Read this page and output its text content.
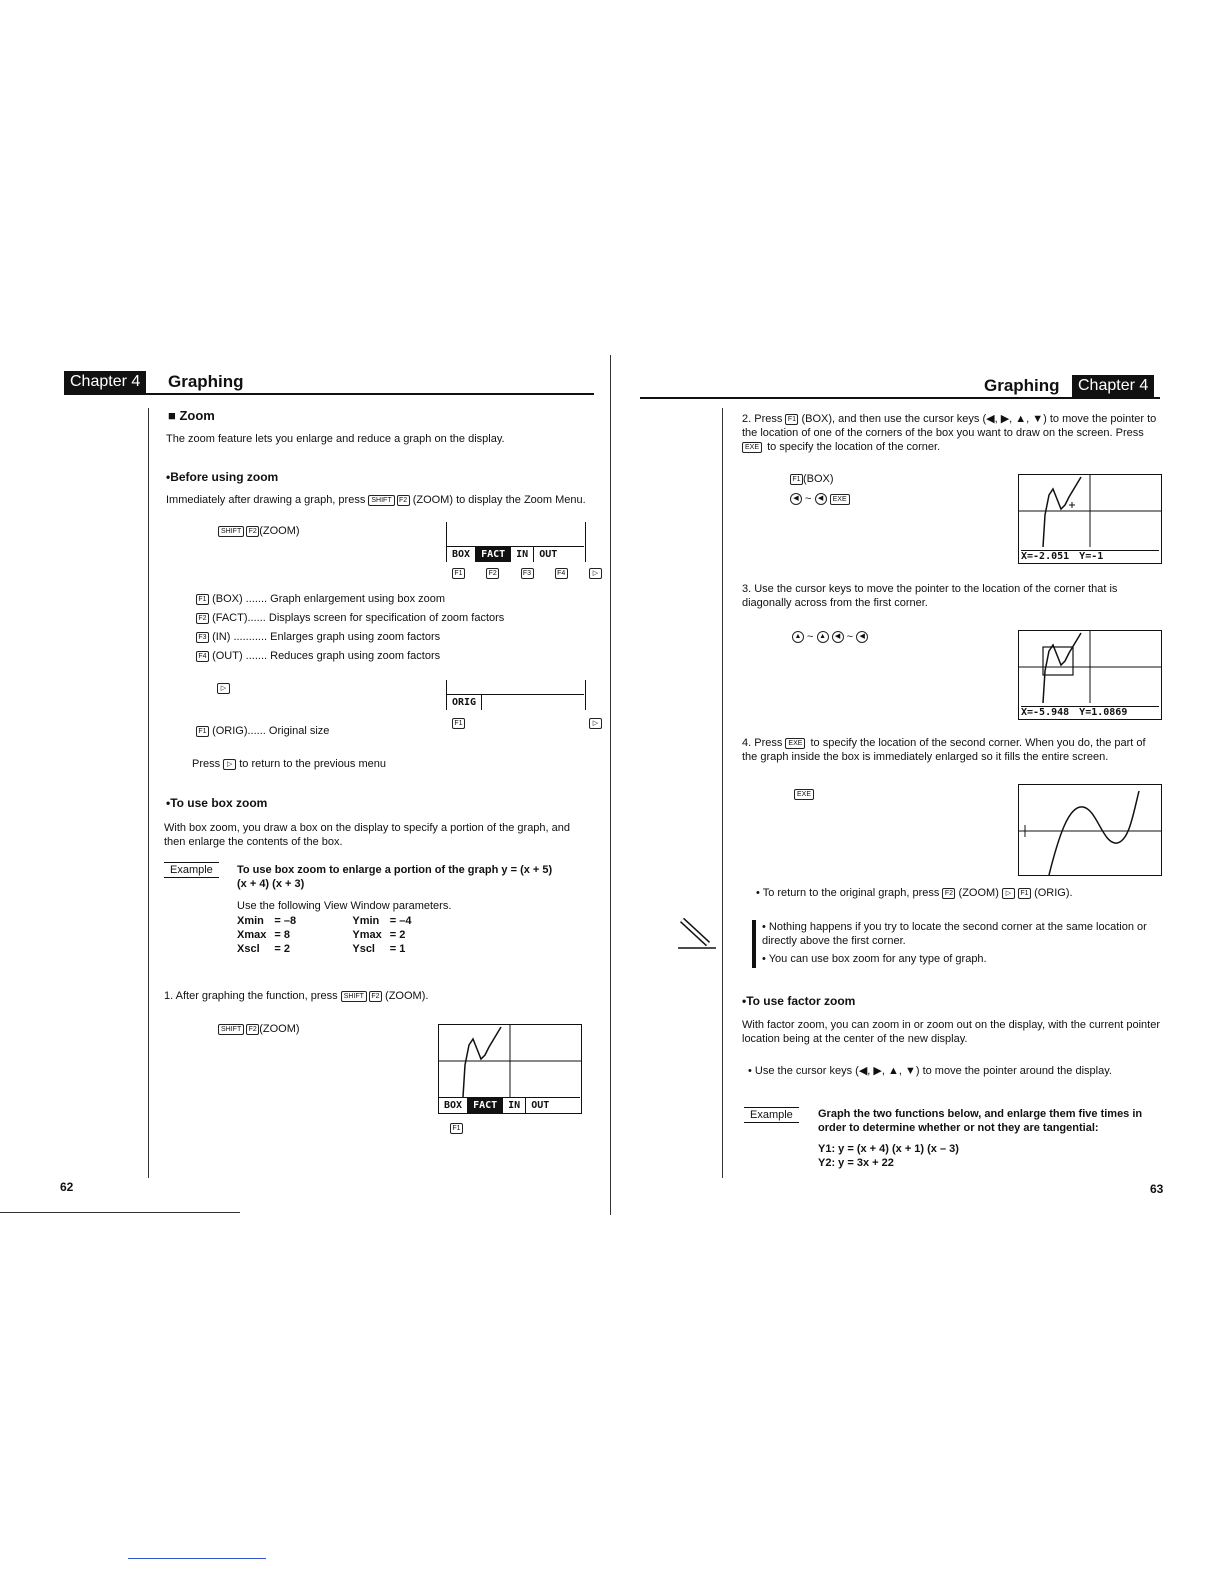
Chapter 4	Graphing
■ Zoom
The zoom feature lets you enlarge and reduce a graph on the display.
•Before using zoom
Immediately after drawing a graph, press SHIFT F2 (ZOOM) to display the Zoom Menu.
SHIFT F2 (ZOOM)
BOX	FACT	IN	OUT
F1	F2	F3	F4	▷
F1 (BOX) ....... Graph enlargement using box zoom
F2 (FACT)...... Displays screen for specification of zoom factors
F3 (IN) ........... Enlarges graph using zoom factors
F4 (OUT) ....... Reduces graph using zoom factors
▷
ORIG
F1	▷
F1 (ORIG)...... Original size
Press ▷ to return to the previous menu
•To use box zoom
With box zoom, you draw a box on the display to specify a portion of the graph, and then enlarge the contents of the box.
Example	To use box zoom to enlarge a portion of the graph y = (x + 5)
(x + 4) (x + 3)
Use the following View Window parameters.
Xmin	= –8	Ymin	= –4
Xmax	= 8	Ymax	= 2
Xscl	= 2	Yscl	= 1
1. After graphing the function, press SHIFT F2 (ZOOM).
SHIFT F2 (ZOOM)
BOX	FACT	IN	OUT
F1
62
Graphing	Chapter 4
2. Press F1 (BOX), and then use the cursor keys (◀, ▶, ▲, ▼) to move the pointer to the location of one of the corners of the box you want to draw on the screen. Press EXE to specify the location of the corner.
F1 (BOX)
◀ ~ ◀ EXE
X=-2.051 Y=-1
3. Use the cursor keys to move the pointer to the location of the corner that is diagonally across from the first corner.
▲ ~ ▲ ◀ ~ ◀
X=-5.948 Y=1.0869
4. Press EXE to specify the location of the second corner. When you do, the part of the graph inside the box is immediately enlarged so it fills the entire screen.
EXE
• To return to the original graph, press F2 (ZOOM) ▷ F1 (ORIG).
• Nothing happens if you try to locate the second corner at the same location or directly above the first corner.
• You can use box zoom for any type of graph.
•To use factor zoom
With factor zoom, you can zoom in or zoom out on the display, with the current pointer location being at the center of the new display.
• Use the cursor keys (◀, ▶, ▲, ▼) to move the pointer around the display.
Example	Graph the two functions below, and enlarge them five times in order to determine whether or not they are tangential:
Y1: y = (x + 4) (x + 1) (x – 3)
Y2: y = 3x + 22
63
